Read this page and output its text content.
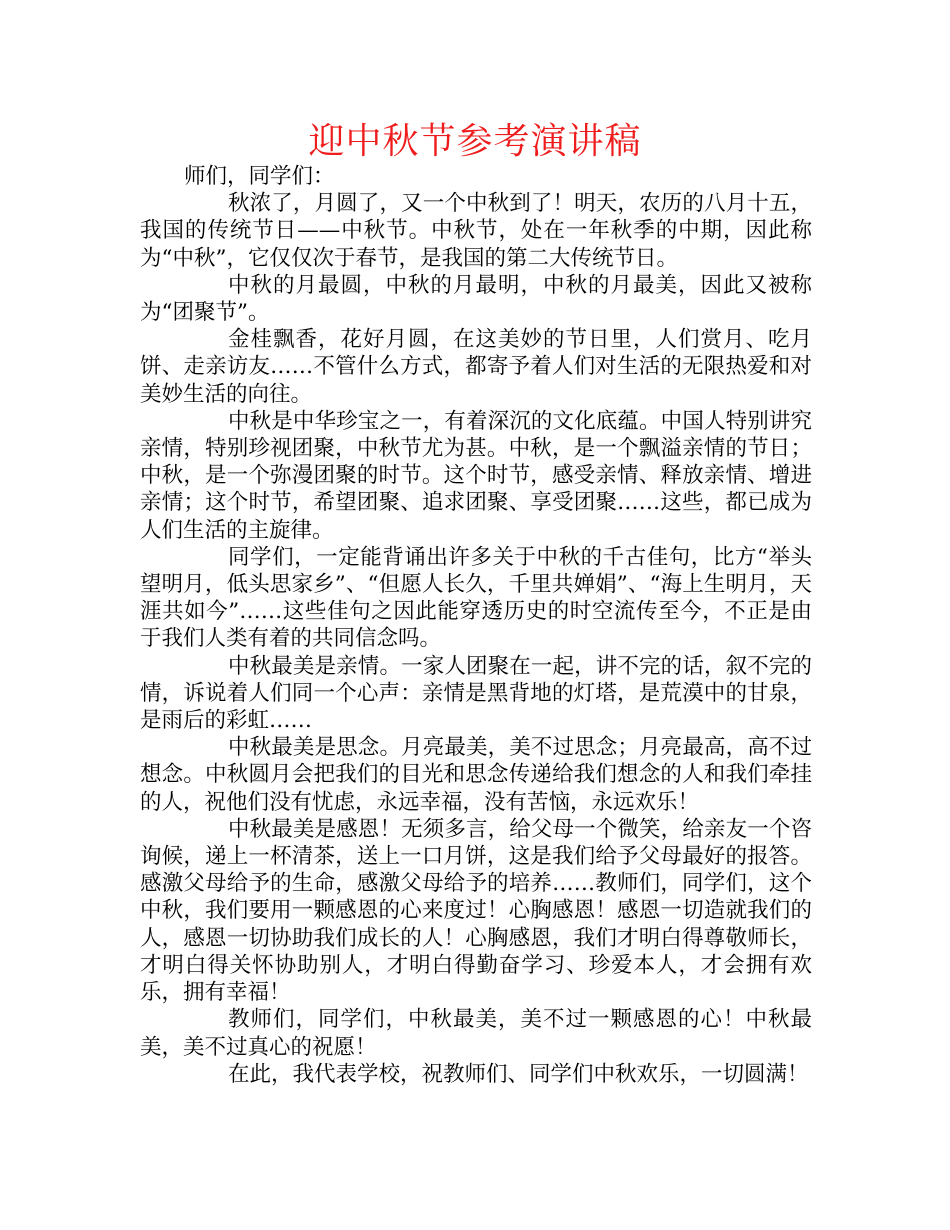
迎中秋节参考演讲稿

师们，同学们：

秋浓了，月圆了，又一个中秋到了！明天，农历的八月十五，我国的传统节日——中秋节。中秋节，处在一年秋季的中期，因此称为“中秋”，它仅仅次于春节，是我国的第二大传统节日。

中秋的月最圆，中秋的月最明，中秋的月最美，因此又被称为“团聚节”。

金桂飘香，花好月圆，在这美妙的节日里，人们赏月、吃月饼、走亲访友……不管什么方式，都寄予着人们对生活的无限热爱和对美妙生活的向往。

中秋是中华珍宝之一，有着深沉的文化底蕴。中国人特别讲究亲情，特别珍视团聚，中秋节尤为甚。中秋，是一个飘溢亲情的节日；中秋，是一个弥漫团聚的时节。这个时节，感受亲情、释放亲情、增进亲情；这个时节，希望团聚、追求团聚、享受团聚……这些，都已成为人们生活的主旋律。

同学们，一定能背诵出许多关于中秋的千古佳句，比方“举头望明月，低头思家乡”、“但愿人长久，千里共婵娟”、“海上生明月，天涯共如今”……这些佳句之因此能穿透历史的时空流传至今，不正是由于我们人类有着的共同信念吗。

中秋最美是亲情。一家人团聚在一起，讲不完的话，叙不完的情，诉说着人们同一个心声：亲情是黑背地的灯塔，是荒漠中的甘泉，是雨后的彩虹……

中秋最美是思念。月亮最美，美不过思念；月亮最高，高不过想念。中秋圆月会把我们的目光和思念传递给我们想念的人和我们牵挂的人，祝他们没有忧虑，永远幸福，没有苦恼，永远欢乐！

中秋最美是感恩！无须多言，给父母一个微笑，给亲友一个咨询候，递上一杯清茶，送上一口月饼，这是我们给予父母最好的报答。感激父母给予的生命，感激父母给予的培养……教师们，同学们，这个中秋，我们要用一颗感恩的心来度过！心胸感恩！感恩一切造就我们的人，感恩一切协助我们成长的人！心胸感恩，我们才明白得尊敬师长，才明白得关怀协助别人，才明白得勤奋学习、珍爱本人，才会拥有欢乐，拥有幸福！

教师们，同学们，中秋最美，美不过一颗感恩的心！中秋最美，美不过真心的祝愿！

在此，我代表学校，祝教师们、同学们中秋欢乐，一切圆满！
